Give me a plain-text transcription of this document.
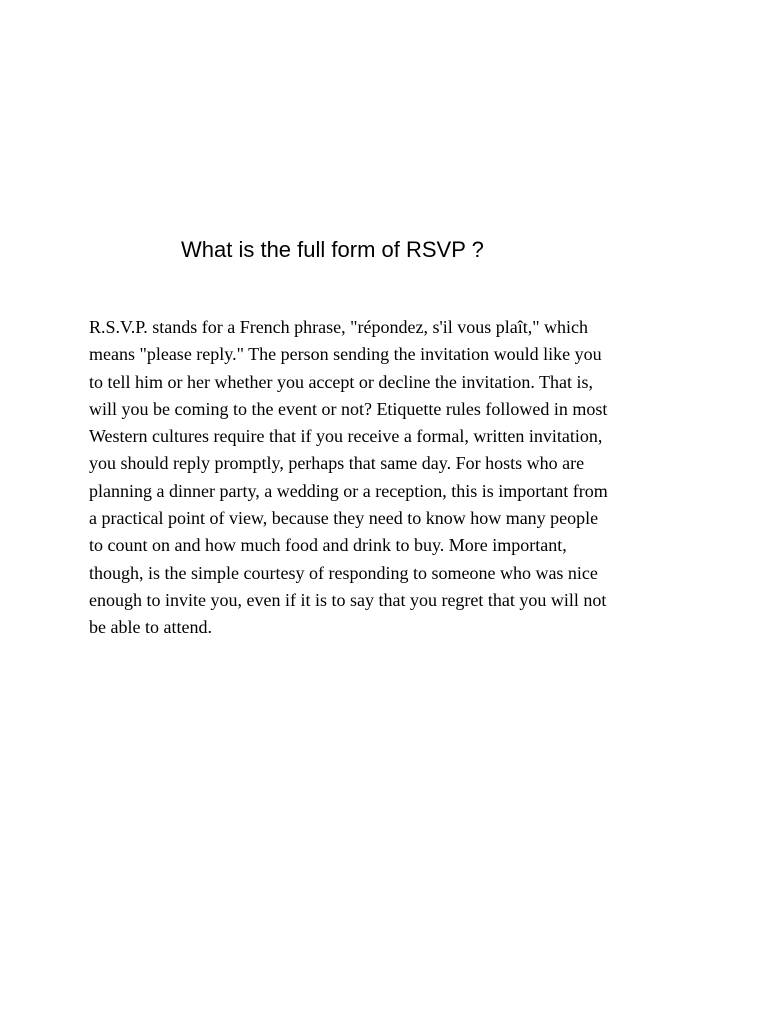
What is the full form of RSVP ?
R.S.V.P. stands for a French phrase, "répondez, s'il vous plaît," which
means "please reply." The person sending the invitation would like you
to tell him or her whether you accept or decline the invitation. That is,
will you be coming to the event or not? Etiquette rules followed in most
Western cultures require that if you receive a formal, written invitation,
you should reply promptly, perhaps that same day. For hosts who are
planning a dinner party, a wedding or a reception, this is important from
a practical point of view, because they need to know how many people
to count on and how much food and drink to buy. More important,
though, is the simple courtesy of responding to someone who was nice
enough to invite you, even if it is to say that you regret that you will not
be able to attend.
